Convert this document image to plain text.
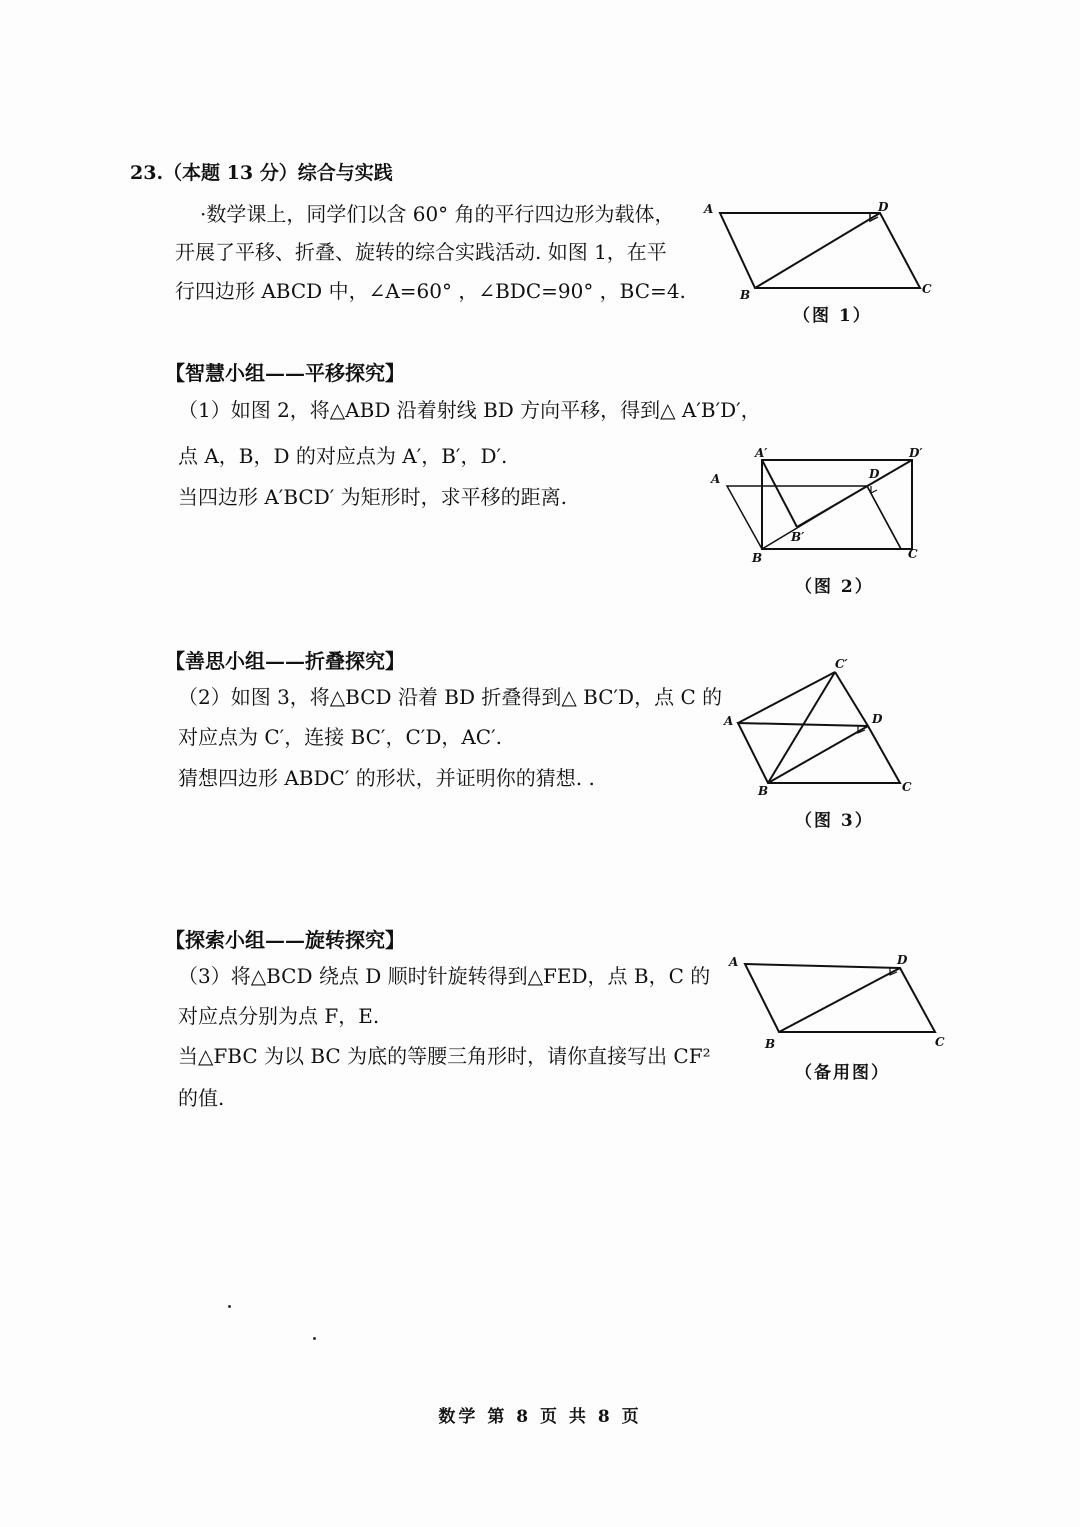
23.（本题 13 分）综合与实践
·数学课上，同学们以含 60° 角的平行四边形为载体，
开展了平移、折叠、旋转的综合实践活动. 如图 1，在平
行四边形 ABCD 中，∠A=60° ，∠BDC=90° ，BC=4.
A	D
B	C
（图 1）
【智慧小组——平移探究】
（1）如图 2，将△ABD 沿着射线 BD 方向平移，得到△ A′B′D′，
点 A，B，D 的对应点为 A′，B′，D′.
当四边形 A′BCD′ 为矩形时，求平移的距离.
A
A′
D
D′
B
B′
C
（图 2）
【善思小组——折叠探究】
（2）如图 3，将△BCD 沿着 BD 折叠得到△ BC′D，点 C 的
对应点为 C′，连接 BC′，C′D，AC′.
猜想四边形 ABDC′ 的形状，并证明你的猜想. .
A
C′
D
B	C
（图 3）
【探索小组——旋转探究】
（3）将△BCD 绕点 D 顺时针旋转得到△FED，点 B，C 的
对应点分别为点 F，E.
当△FBC 为以 BC 为底的等腰三角形时，请你直接写出 CF²
的值.
A	D
B	C
（备用图）
数学 第 8 页 共 8 页
